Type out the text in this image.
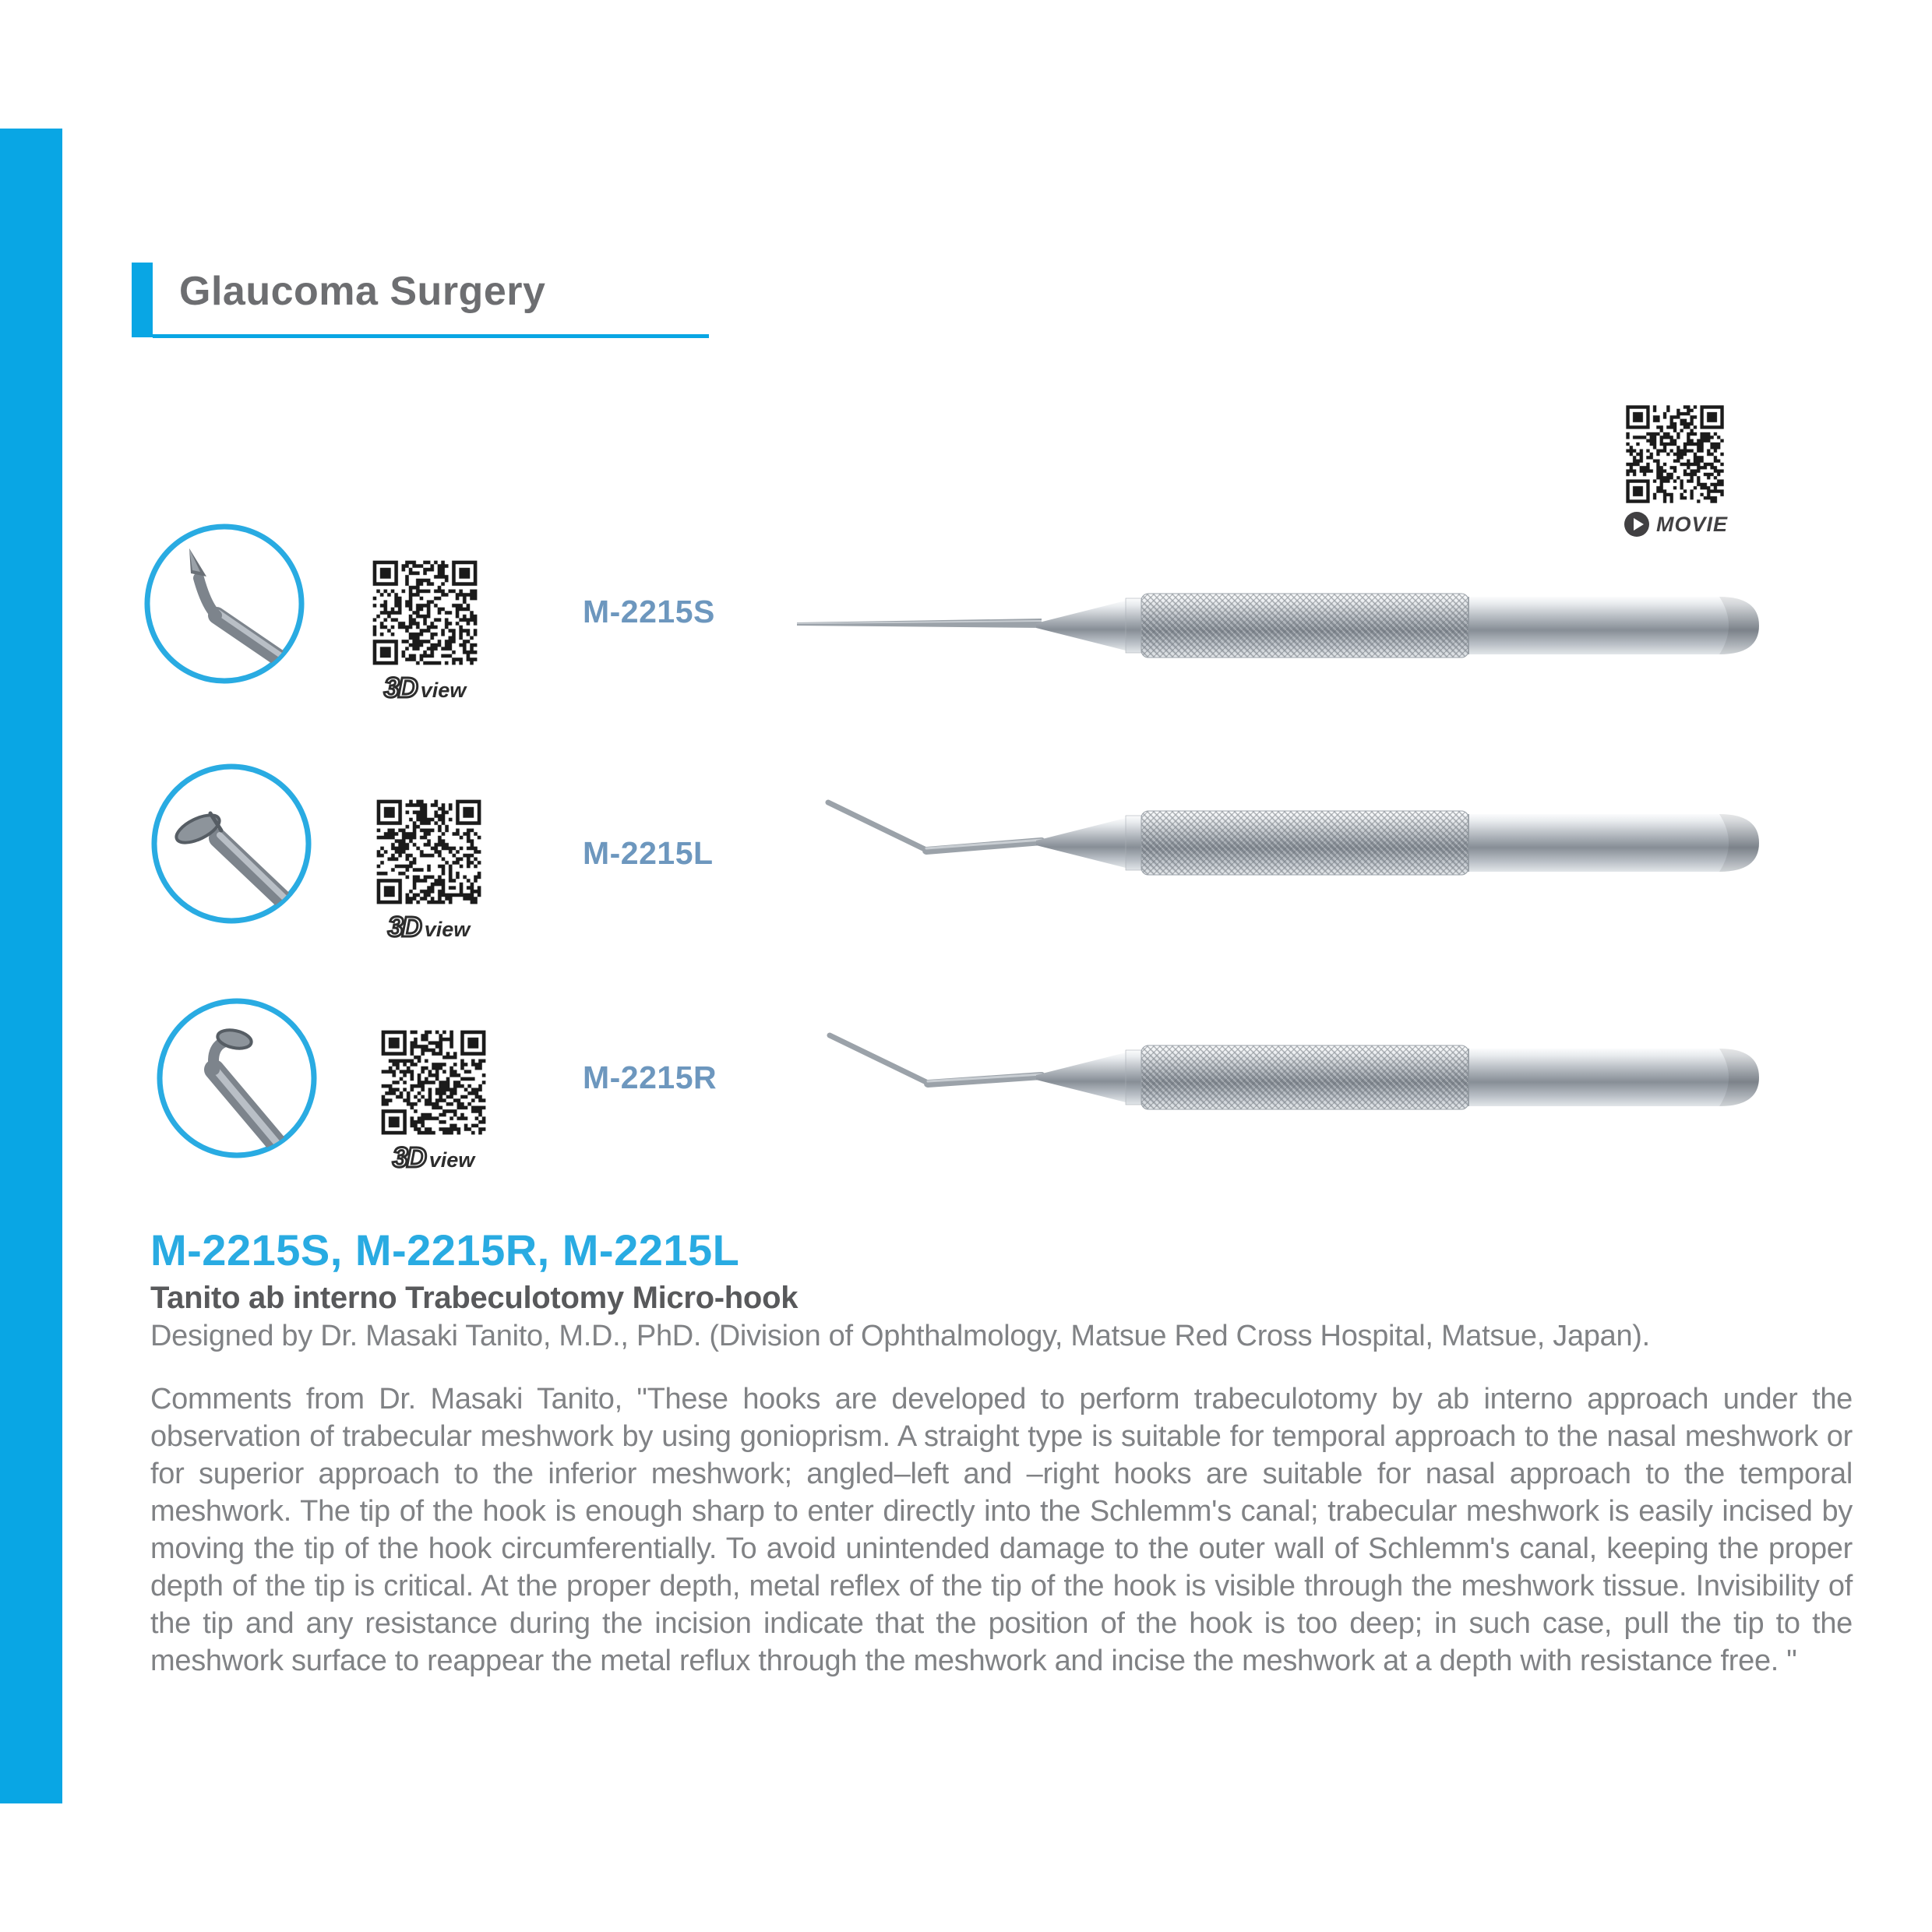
Glaucoma Surgery
MOVIE
3D view
M-2215S
3D view
M-2215L
3D view
M-2215R
M-2215S, M-2215R, M-2215L
Tanito ab interno Trabeculotomy Micro-hook
Designed by Dr. Masaki Tanito, M.D., PhD. (Division of Ophthalmology, Matsue Red Cross Hospital, Matsue, Japan).
Comments from Dr. Masaki Tanito, "These hooks are developed to perform trabeculotomy by ab interno approach under the observation of trabecular meshwork by using gonioprism. A straight type is suitable for temporal approach to the nasal meshwork or for superior approach to the inferior meshwork; angled–left and –right hooks are suitable for nasal approach to the temporal meshwork. The tip of the hook is enough sharp to enter directly into the Schlemm's canal; trabecular meshwork is easily incised by moving the tip of the hook circumferentially. To avoid unintended damage to the outer wall of Schlemm's canal, keeping the proper depth of the tip is critical. At the proper depth, metal reflex of the tip of the hook is visible through the meshwork tissue. Invisibility of the tip and any resistance during the incision indicate that the position of the hook is too deep; in such case, pull the tip to the meshwork surface to reappear the metal reflux through the meshwork and incise the meshwork at a depth with resistance free. "
